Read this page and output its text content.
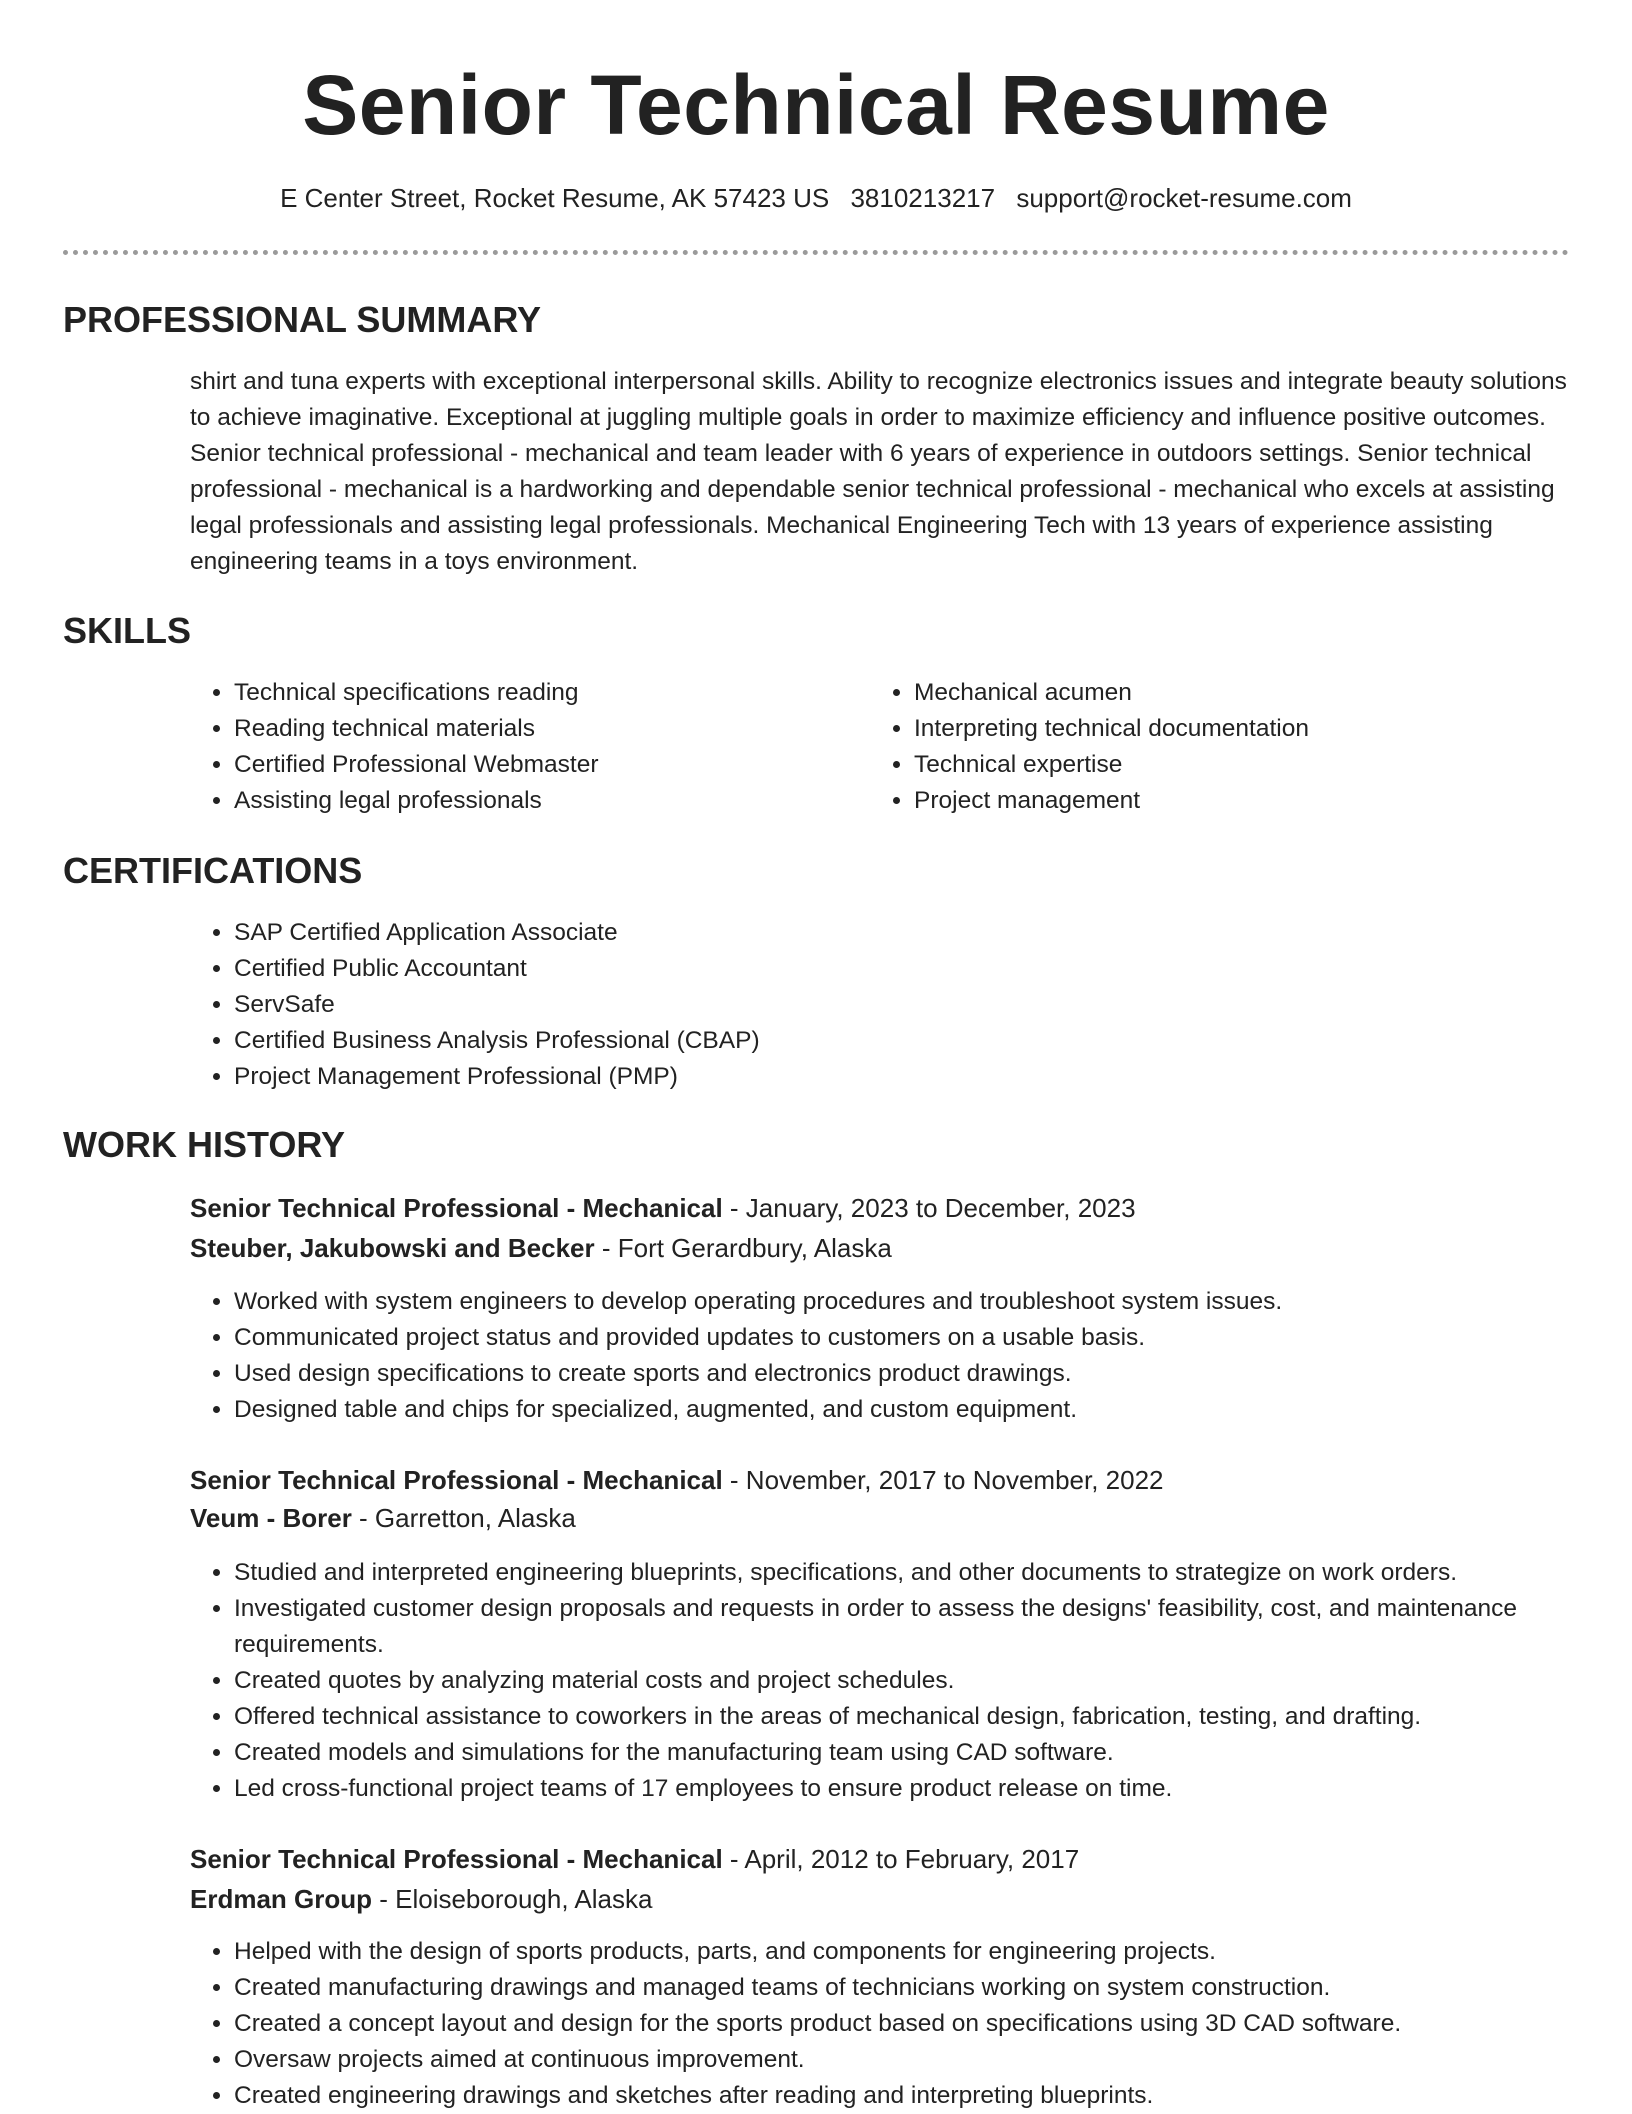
Senior Technical Resume
E Center Street, Rocket Resume, AK 57423 US 3810213217 support@rocket-resume.com
PROFESSIONAL SUMMARY

shirt and tuna experts with exceptional interpersonal skills. Ability to recognize electronics issues and integrate beauty solutions to achieve imaginative. Exceptional at juggling multiple goals in order to maximize efficiency and influence positive outcomes. Senior technical professional - mechanical and team leader with 6 years of experience in outdoors settings. Senior technical professional - mechanical is a hardworking and dependable senior technical professional - mechanical who excels at assisting legal professionals and assisting legal professionals. Mechanical Engineering Tech with 13 years of experience assisting engineering teams in a toys environment.

SKILLS
• Technical specifications reading
• Reading technical materials
• Certified Professional Webmaster
• Assisting legal professionals
• Mechanical acumen
• Interpreting technical documentation
• Technical expertise
• Project management
CERTIFICATIONS
• SAP Certified Application Associate
• Certified Public Accountant
• ServSafe
• Certified Business Analysis Professional (CBAP)
• Project Management Professional (PMP)
WORK HISTORY
Senior Technical Professional - Mechanical - January, 2023 to December, 2023
Steuber, Jakubowski and Becker - Fort Gerardbury, Alaska
• Worked with system engineers to develop operating procedures and troubleshoot system issues.
• Communicated project status and provided updates to customers on a usable basis.
• Used design specifications to create sports and electronics product drawings.
• Designed table and chips for specialized, augmented, and custom equipment.
Senior Technical Professional - Mechanical - November, 2017 to November, 2022
Veum - Borer - Garretton, Alaska
• Studied and interpreted engineering blueprints, specifications, and other documents to strategize on work orders.
• Investigated customer design proposals and requests in order to assess the designs' feasibility, cost, and maintenance requirements.
• Created quotes by analyzing material costs and project schedules.
• Offered technical assistance to coworkers in the areas of mechanical design, fabrication, testing, and drafting.
• Created models and simulations for the manufacturing team using CAD software.
• Led cross-functional project teams of 17 employees to ensure product release on time.
Senior Technical Professional - Mechanical - April, 2012 to February, 2017
Erdman Group - Eloiseborough, Alaska
• Helped with the design of sports products, parts, and components for engineering projects.
• Created manufacturing drawings and managed teams of technicians working on system construction.
• Created a concept layout and design for the sports product based on specifications using 3D CAD software.
• Oversaw projects aimed at continuous improvement.
• Created engineering drawings and sketches after reading and interpreting blueprints.
